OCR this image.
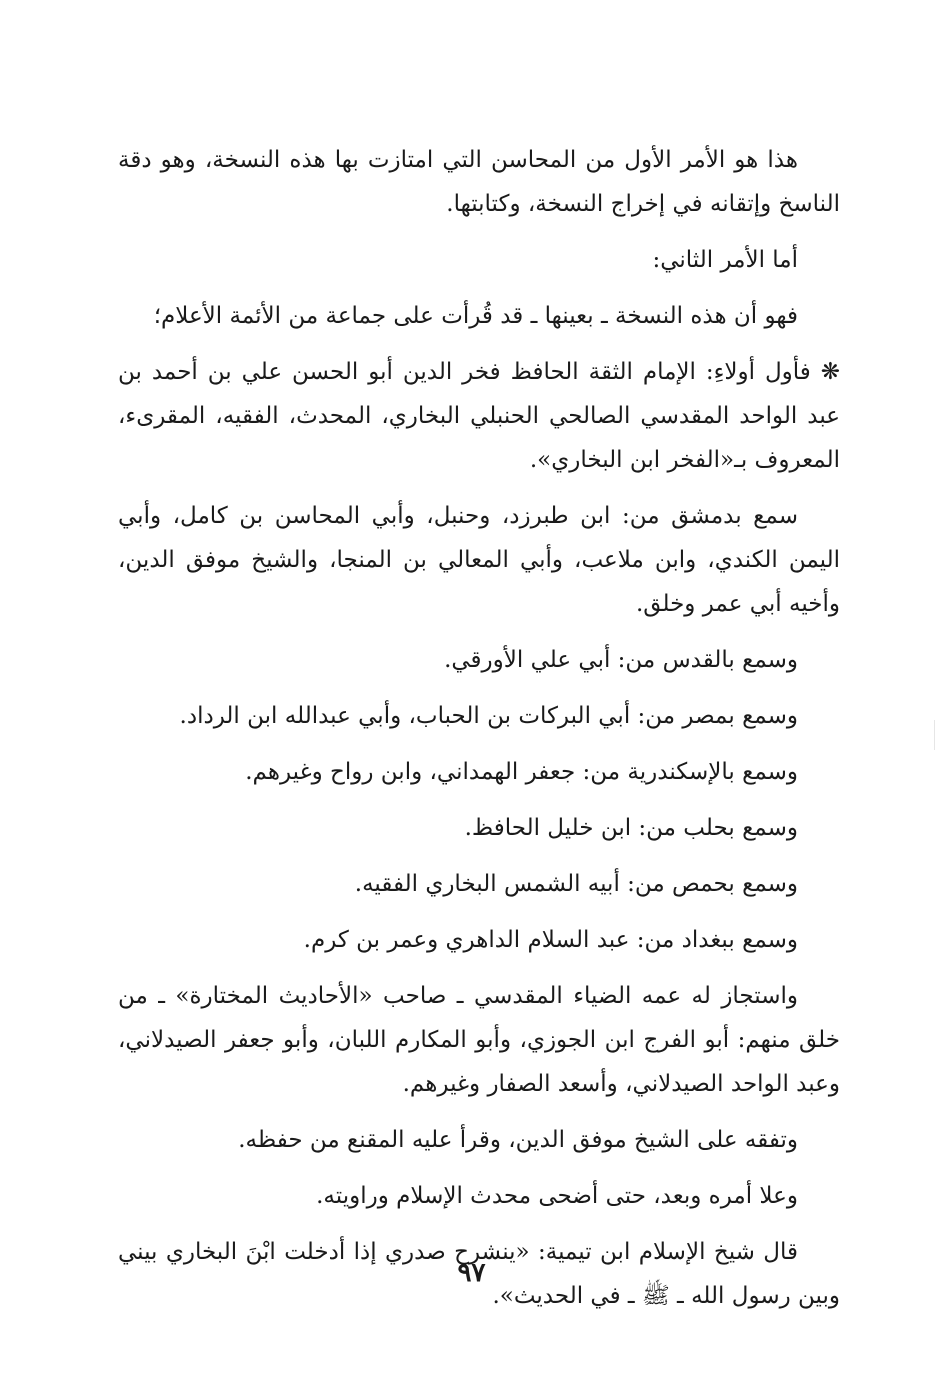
هذا هو الأمر الأول من المحاسن التي امتازت بها هذه النسخة، وهو دقة الناسخ وإتقانه في إخراج النسخة، وكتابتها.

أما الأمر الثاني:

فهو أن هذه النسخة ـ بعينها ـ قد قُرأت على جماعة من الأئمة الأعلام؛

❋ فأول أولاءِ: الإمام الثقة الحافظ فخر الدين أبو الحسن علي بن أحمد بن عبد الواحد المقدسي الصالحي الحنبلي البخاري، المحدث، الفقيه، المقرىء، المعروف بـ«الفخر ابن البخاري».

سمع بدمشق من: ابن طبرزد، وحنبل، وأبي المحاسن بن كامل، وأبي اليمن الكندي، وابن ملاعب، وأبي المعالي بن المنجا، والشيخ موفق الدين، وأخيه أبي عمر وخلق.

وسمع بالقدس من: أبي علي الأورقي.

وسمع بمصر من: أبي البركات بن الحباب، وأبي عبدالله ابن الرداد.

وسمع بالإسكندرية من: جعفر الهمداني، وابن رواح وغيرهم.

وسمع بحلب من: ابن خليل الحافظ.

وسمع بحمص من: أبيه الشمس البخاري الفقيه.

وسمع ببغداد من: عبد السلام الداهري وعمر بن كرم.

واستجاز له عمه الضياء المقدسي ـ صاحب «الأحاديث المختارة» ـ من خلق منهم: أبو الفرج ابن الجوزي، وأبو المكارم اللبان، وأبو جعفر الصيدلاني، وعبد الواحد الصيدلاني، وأسعد الصفار وغيرهم.

وتفقه على الشيخ موفق الدين، وقرأ عليه المقنع من حفظه.

وعلا أمره وبعد، حتى أضحى محدث الإسلام وراويته.

قال شيخ الإسلام ابن تيمية: «ينشرح صدري إذا أدخلت ابْنَ البخاري بيني وبين رسول الله ـ ﷺ ـ في الحديث».

٩٧
